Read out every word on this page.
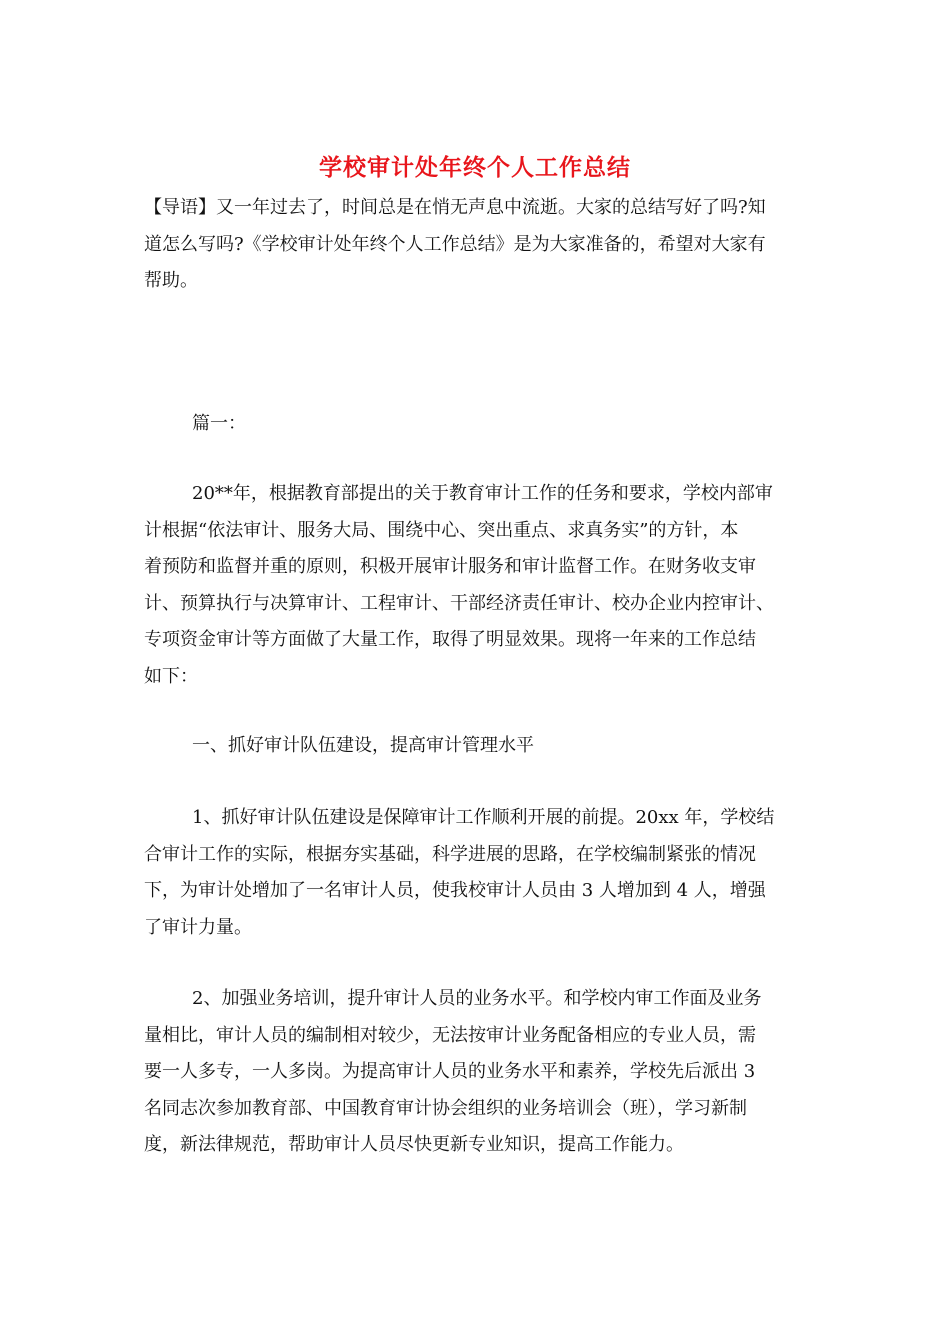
学校审计处年终个人工作总结
【导语】又一年过去了，时间总是在悄无声息中流逝。大家的总结写好了吗?知
道怎么写吗?《学校审计处年终个人工作总结》是为大家准备的，希望对大家有
帮助。
篇一：
20**年，根据教育部提出的关于教育审计工作的任务和要求，学校内部审
计根据“依法审计、服务大局、围绕中心、突出重点、求真务实”的方针，本
着预防和监督并重的原则，积极开展审计服务和审计监督工作。在财务收支审
计、预算执行与决算审计、工程审计、干部经济责任审计、校办企业内控审计、
专项资金审计等方面做了大量工作，取得了明显效果。现将一年来的工作总结
如下：
一、抓好审计队伍建设，提高审计管理水平
1、抓好审计队伍建设是保障审计工作顺利开展的前提。20xx 年，学校结
合审计工作的实际，根据夯实基础，科学进展的思路，在学校编制紧张的情况
下，为审计处增加了一名审计人员，使我校审计人员由 3 人增加到 4 人，增强
了审计力量。
2、加强业务培训，提升审计人员的业务水平。和学校内审工作面及业务
量相比，审计人员的编制相对较少，无法按审计业务配备相应的专业人员，需
要一人多专，一人多岗。为提高审计人员的业务水平和素养，学校先后派出 3
名同志次参加教育部、中国教育审计协会组织的业务培训会（班），学习新制
度，新法律规范，帮助审计人员尽快更新专业知识，提高工作能力。
